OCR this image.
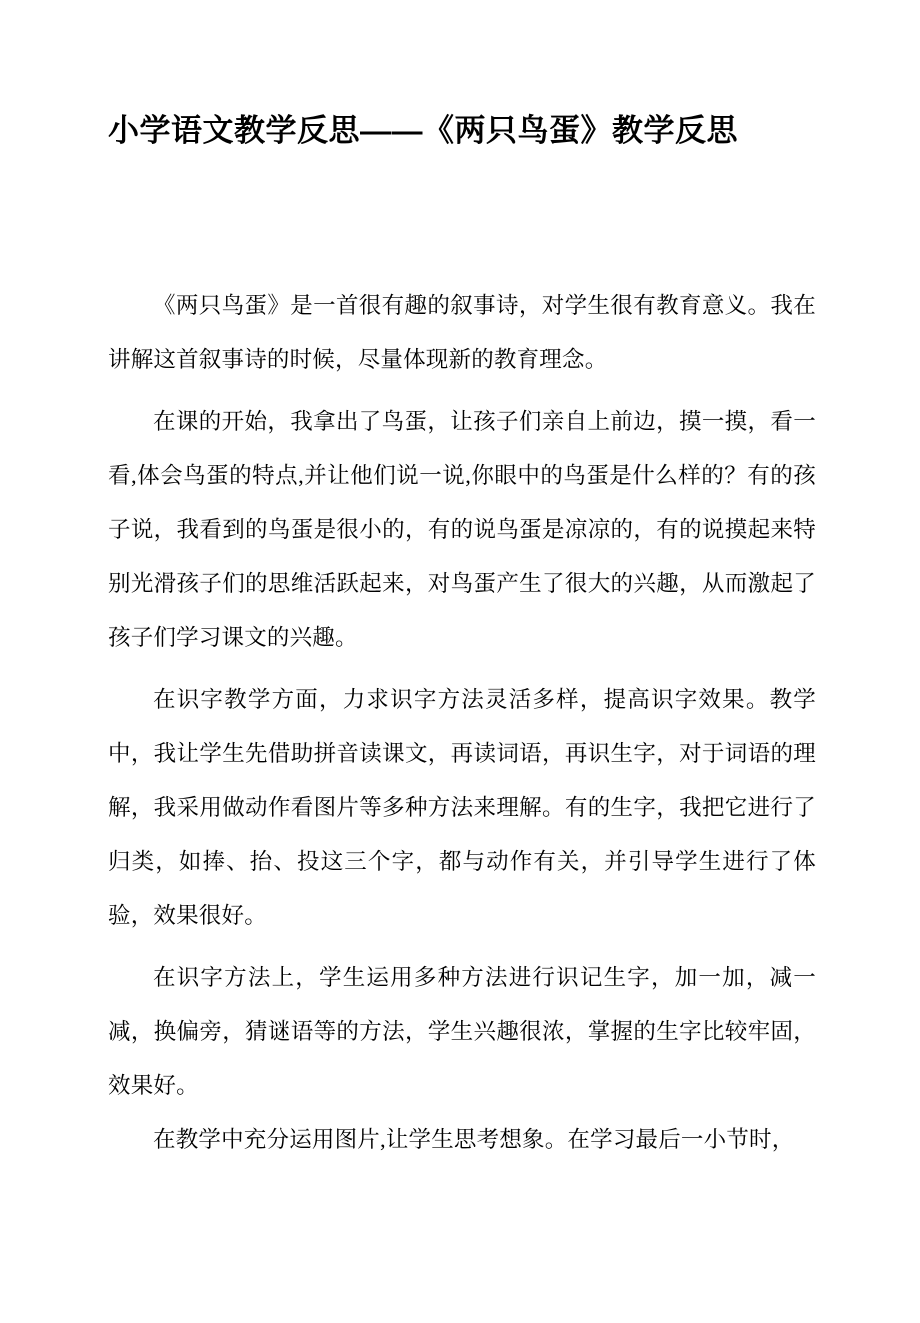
小学语文教学反思——《两只鸟蛋》教学反思

《两只鸟蛋》是一首很有趣的叙事诗，对学生很有教育意义。我在讲解这首叙事诗的时候，尽量体现新的教育理念。

在课的开始，我拿出了鸟蛋，让孩子们亲自上前边，摸一摸，看一看,体会鸟蛋的特点,并让他们说一说,你眼中的鸟蛋是什么样的？有的孩子说，我看到的鸟蛋是很小的，有的说鸟蛋是凉凉的，有的说摸起来特别光滑孩子们的思维活跃起来，对鸟蛋产生了很大的兴趣，从而激起了孩子们学习课文的兴趣。

在识字教学方面，力求识字方法灵活多样，提高识字效果。教学中，我让学生先借助拼音读课文，再读词语，再识生字，对于词语的理解，我采用做动作看图片等多种方法来理解。有的生字，我把它进行了归类，如捧、抬、投这三个字，都与动作有关，并引导学生进行了体验，效果很好。

在识字方法上，学生运用多种方法进行识记生字，加一加，减一减，换偏旁，猜谜语等的方法，学生兴趣很浓，掌握的生字比较牢固，效果好。

在教学中充分运用图片,让学生思考想象。在学习最后一小节时，
